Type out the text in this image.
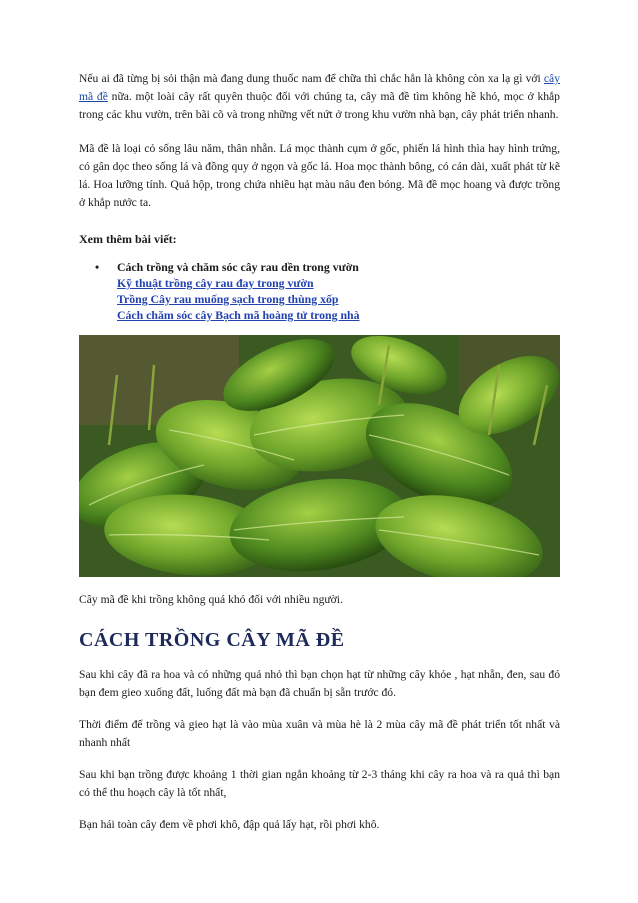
Nếu ai đã từng bị sỏi thận mà đang dung thuốc nam để chữa thì chắc hẳn là không còn xa lạ gì với cây mã đề nữa. một loài cây rất quyên thuộc đối với chúng ta, cây mã đề tìm không hề khó, mọc ở khắp trong các khu vườn, trên bãi cõ và trong những vết nứt ở trong khu vườn nhà bạn, cây phát triển nhanh.

Mã đề là loại cỏ sống lâu năm, thân nhẵn. Lá mọc thành cụm ở gốc, phiến lá hình thìa hay hình trứng, có gân dọc theo sống lá và đồng quy ở ngọn và gốc lá. Hoa mọc thành bông, có cán dài, xuất phát từ kẽ lá. Hoa lưỡng tính. Quả hộp, trong chứa nhiều hạt màu nâu đen bóng. Mã đề mọc hoang và được trồng ở khắp nước ta.

Xem thêm bài viết:
• Cách trồng và chăm sóc cây rau dền trong vườn
Kỹ thuật trồng cây rau đay trong vườn
Trồng Cây rau muống sạch trong thùng xốp
Cách chăm sóc cây Bạch mã hoàng tử trong nhà

Cây mã đề khi trồng không quá khó đối với nhiều người.

CÁCH TRỒNG CÂY MÃ ĐỀ

Sau khi cây đã ra hoa và có những quả nhỏ thì bạn chọn hạt từ những cây khỏe , hạt nhẵn, đen, sau đó bạn đem gieo xuống đất, luống đất mà bạn đã chuẩn bị sẵn trước đó.

Thời điểm để trồng và gieo hạt là vào mùa xuân và mùa hè là 2 mùa cây mã đề phát triển tốt nhất và nhanh nhất

Sau khi bạn trồng được khoảng 1 thời gian ngắn khoảng từ 2-3 tháng khi cây ra hoa và ra quả thì bạn có thể thu hoạch cây là tốt nhất,

Bạn hái toàn cây đem về phơi khô, đập quả lấy hạt, rồi phơi khô.
